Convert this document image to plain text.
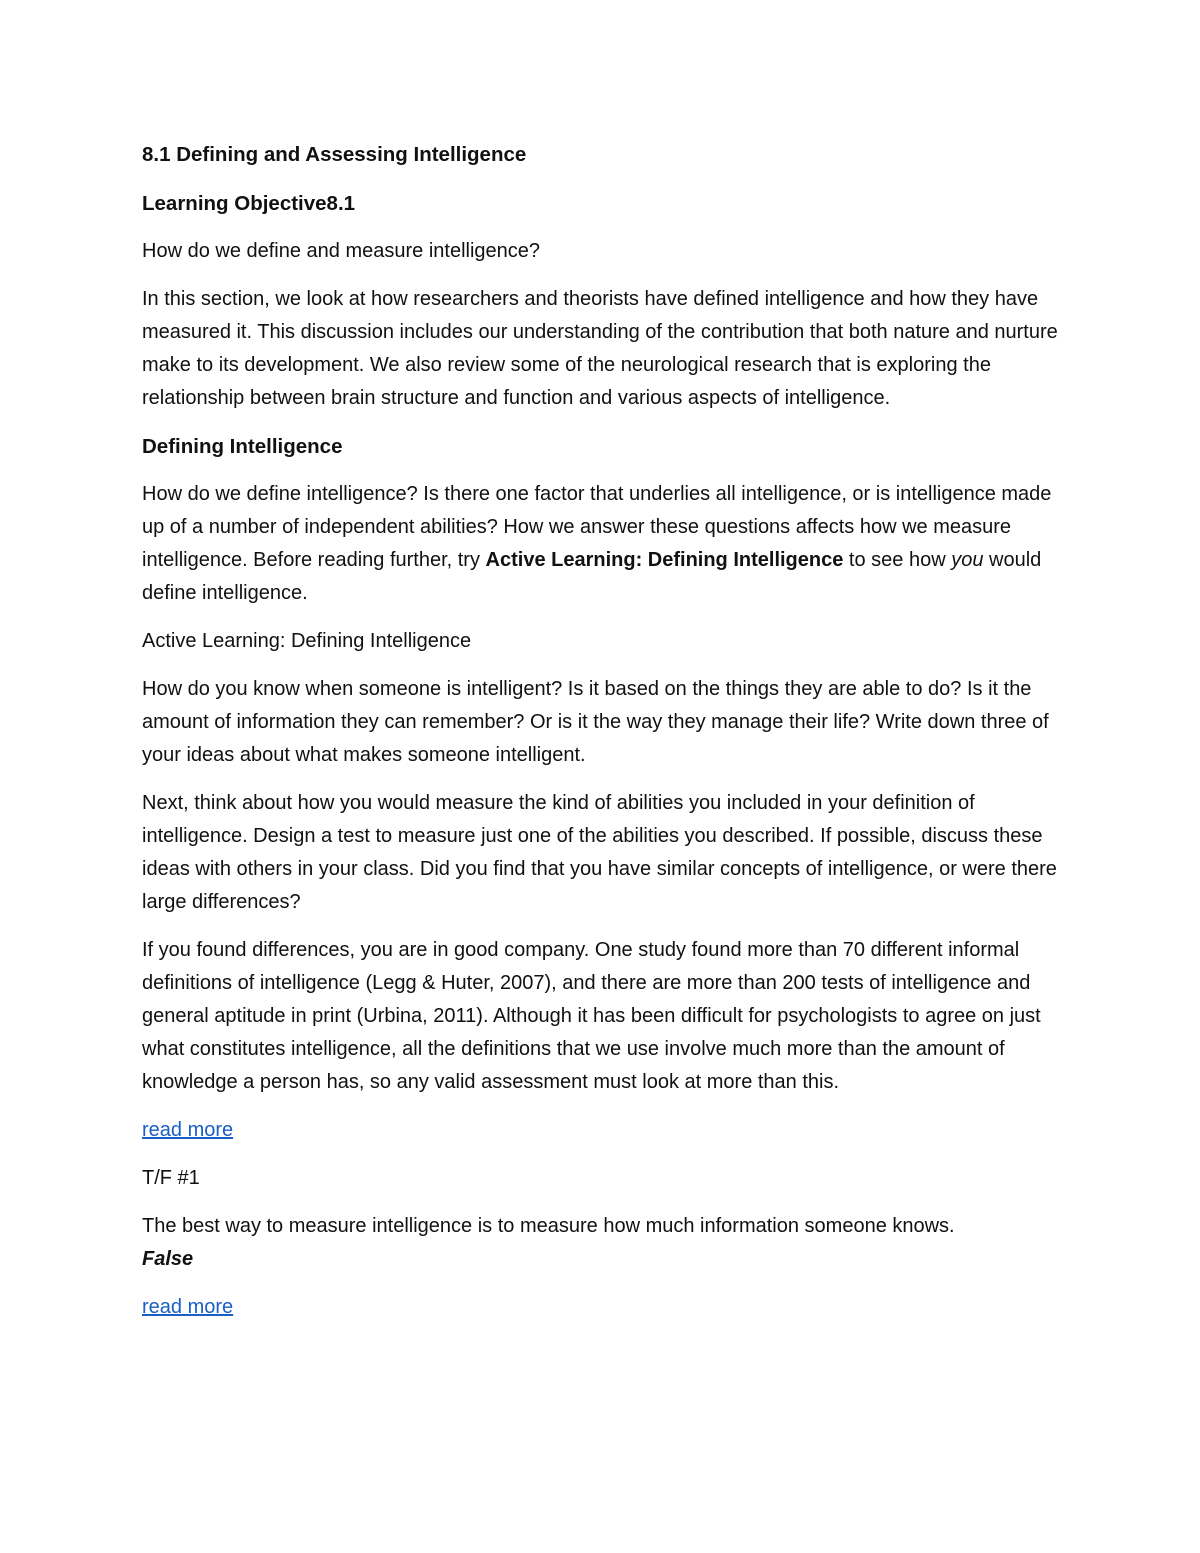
8.1 Defining and Assessing Intelligence

Learning Objective8.1

How do we define and measure intelligence?

In this section, we look at how researchers and theorists have defined intelligence and how they have measured it. This discussion includes our understanding of the contribution that both nature and nurture make to its development. We also review some of the neurological research that is exploring the relationship between brain structure and function and various aspects of intelligence.

Defining Intelligence

How do we define intelligence? Is there one factor that underlies all intelligence, or is intelligence made up of a number of independent abilities? How we answer these questions affects how we measure intelligence. Before reading further, try Active Learning: Defining Intelligence to see how you would define intelligence.

Active Learning: Defining Intelligence

How do you know when someone is intelligent? Is it based on the things they are able to do? Is it the amount of information they can remember? Or is it the way they manage their life? Write down three of your ideas about what makes someone intelligent.

Next, think about how you would measure the kind of abilities you included in your definition of intelligence. Design a test to measure just one of the abilities you described. If possible, discuss these ideas with others in your class. Did you find that you have similar concepts of intelligence, or were there large differences?

If you found differences, you are in good company. One study found more than 70 different informal definitions of intelligence (Legg & Huter, 2007), and there are more than 200 tests of intelligence and general aptitude in print (Urbina, 2011). Although it has been difficult for psychologists to agree on just what constitutes intelligence, all the definitions that we use involve much more than the amount of knowledge a person has, so any valid assessment must look at more than this.

read more

T/F #1

The best way to measure intelligence is to measure how much information someone knows.
False

read more
